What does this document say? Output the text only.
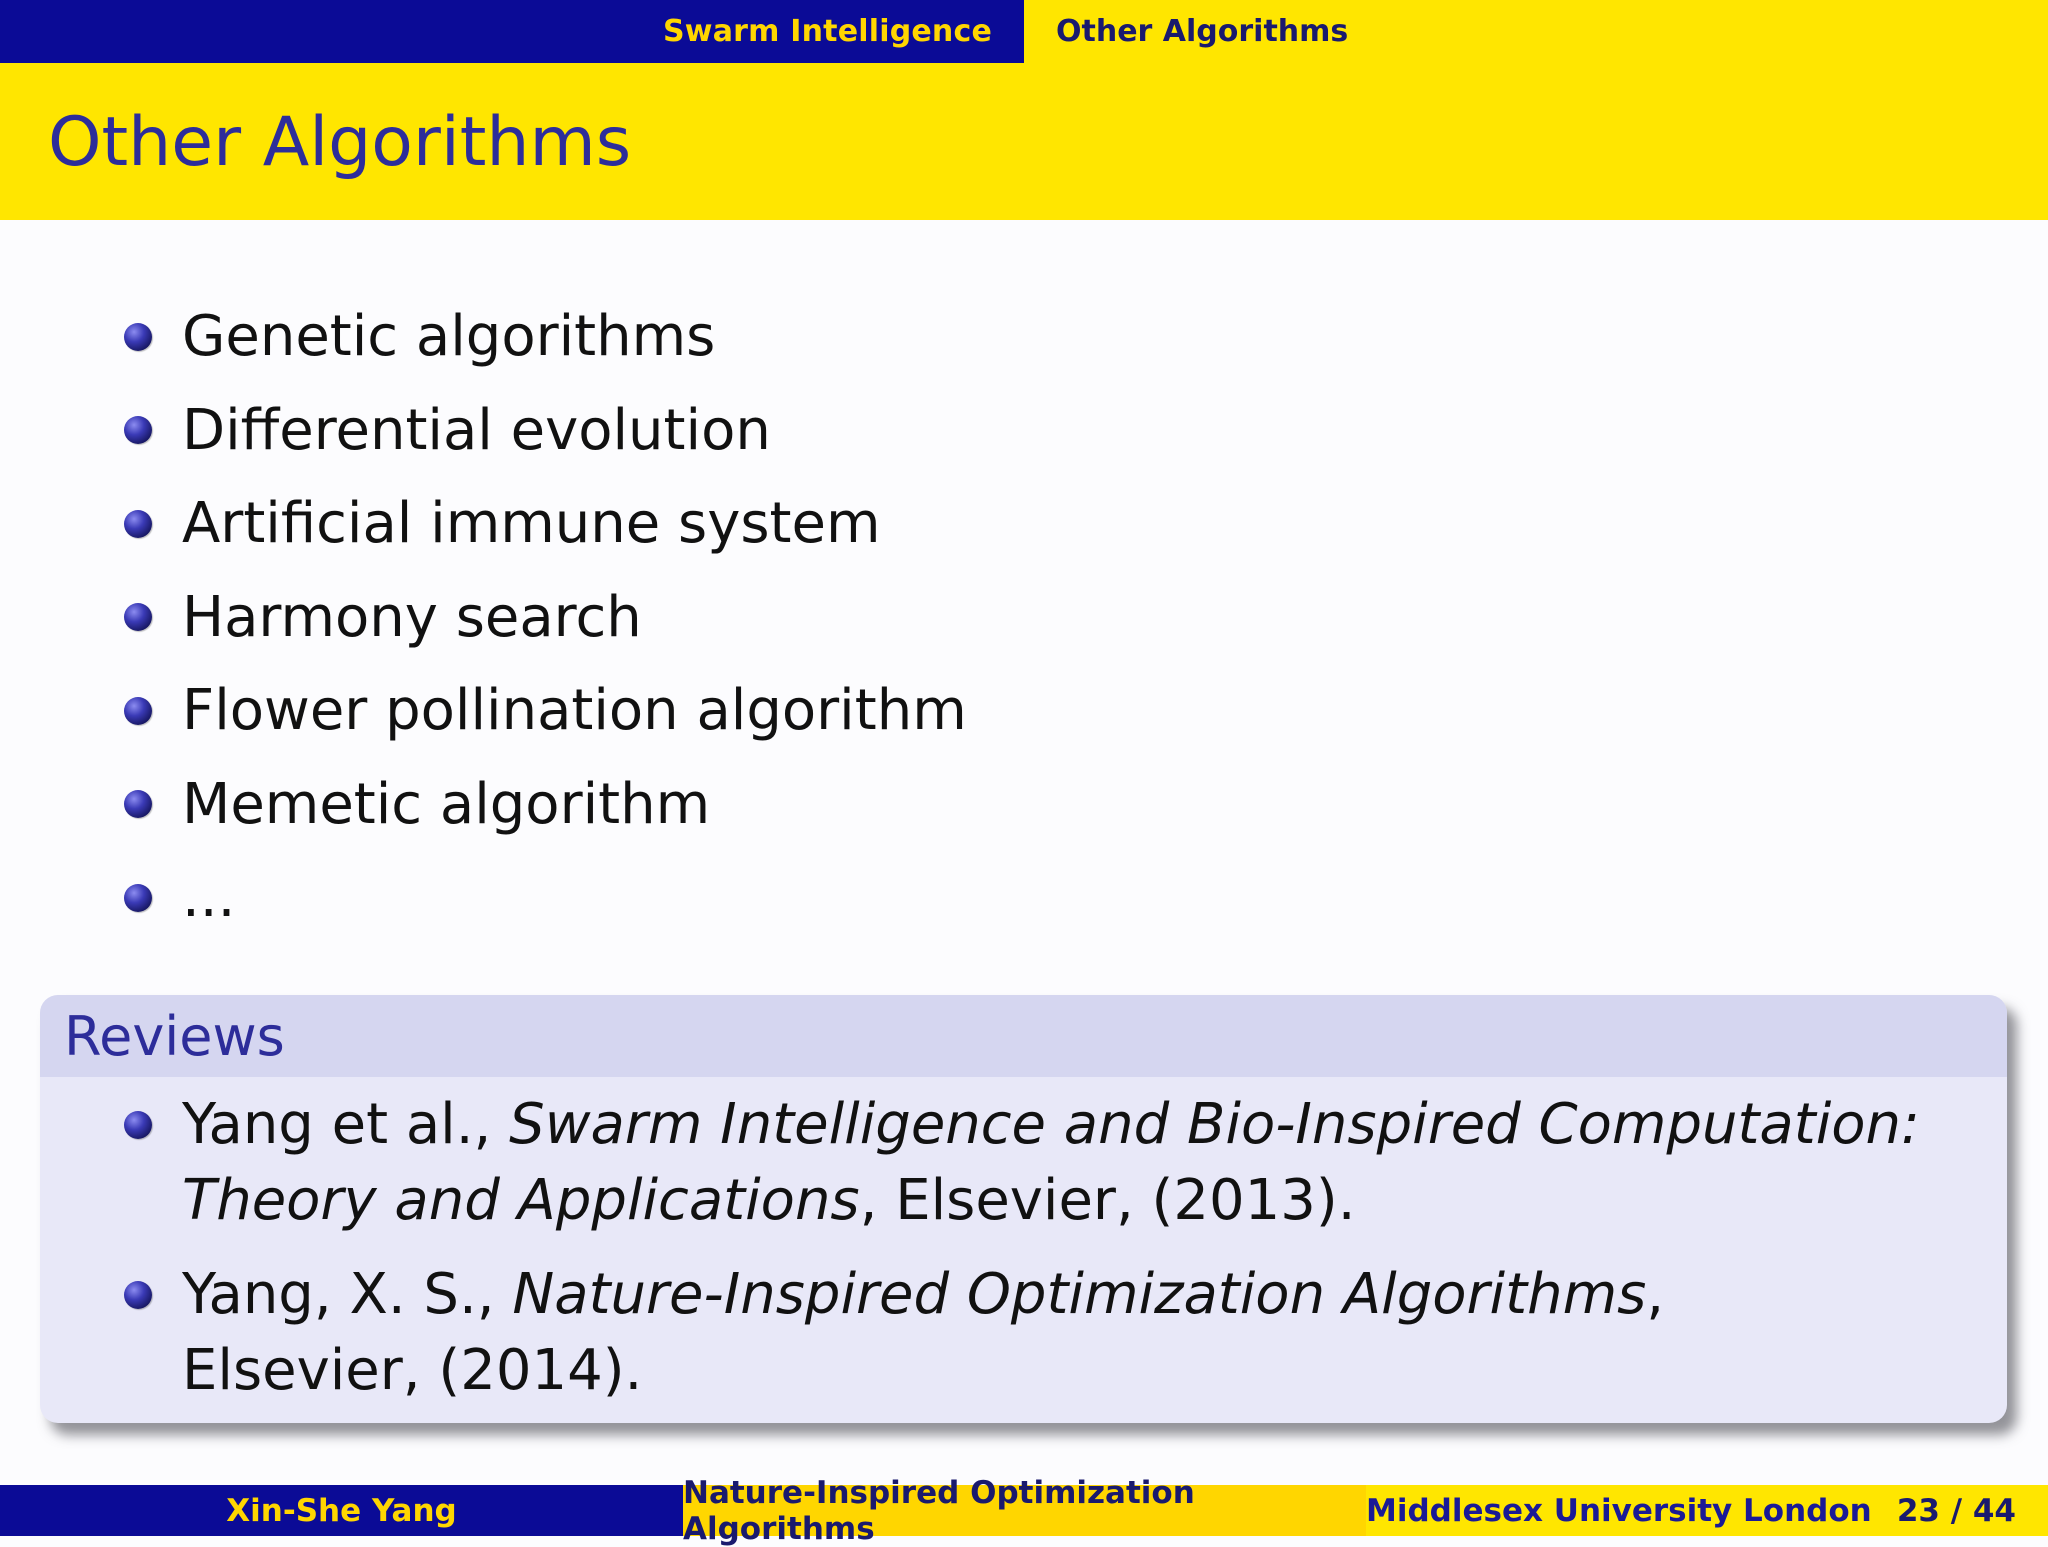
Swarm Intelligence Other Algorithms
Other Algorithms
Genetic algorithms
Differential evolution
Artificial immune system
Harmony search
Flower pollination algorithm
Memetic algorithm
...
Reviews
Yang et al., Swarm Intelligence and Bio-Inspired Computation: Theory and Applications, Elsevier, (2013).
Yang, X. S., Nature-Inspired Optimization Algorithms, Elsevier, (2014).
Xin-She Yang	Nature-Inspired Optimization Algorithms	Middlesex University London 23 / 44
